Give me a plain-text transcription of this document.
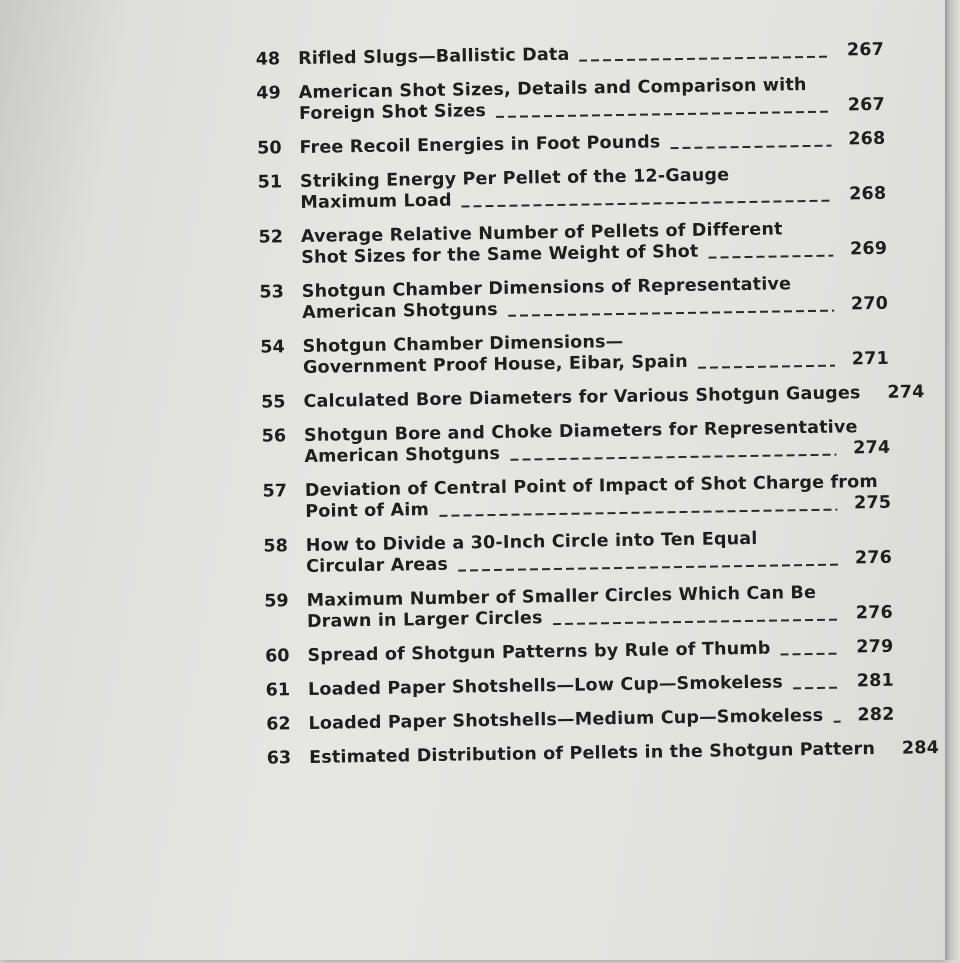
48	Rifled Slugs—Ballistic Data	267
49	American Shot Sizes, Details and Comparison with
Foreign Shot Sizes	267
50	Free Recoil Energies in Foot Pounds	268
51	Striking Energy Per Pellet of the 12-Gauge
Maximum Load	268
52	Average Relative Number of Pellets of Different
Shot Sizes for the Same Weight of Shot	269
53	Shotgun Chamber Dimensions of Representative
American Shotguns	270
54	Shotgun Chamber Dimensions—
Government Proof House, Eibar, Spain	271
55	Calculated Bore Diameters for Various Shotgun Gauges	274
56	Shotgun Bore and Choke Diameters for Representative
American Shotguns	274
57	Deviation of Central Point of Impact of Shot Charge from
Point of Aim	275
58	How to Divide a 30-Inch Circle into Ten Equal
Circular Areas	276
59	Maximum Number of Smaller Circles Which Can Be
Drawn in Larger Circles	276
60	Spread of Shotgun Patterns by Rule of Thumb	279
61	Loaded Paper Shotshells—Low Cup—Smokeless	281
62	Loaded Paper Shotshells—Medium Cup—Smokeless	282
63	Estimated Distribution of Pellets in the Shotgun Pattern	284
